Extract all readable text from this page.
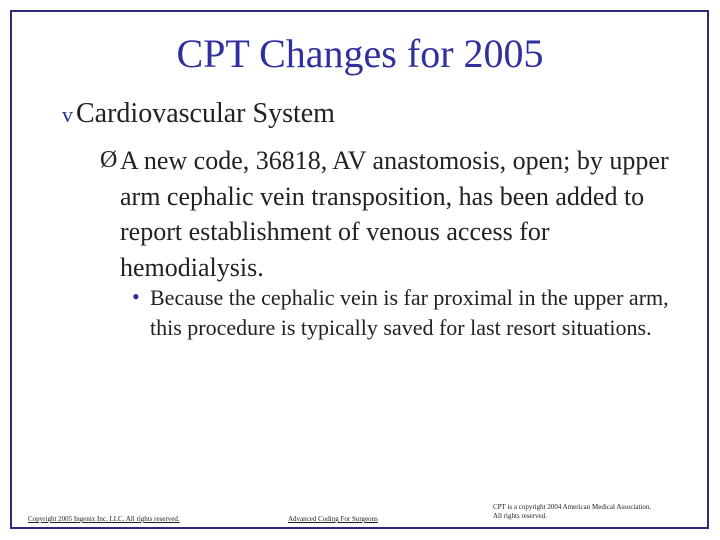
CPT Changes for 2005
v Cardiovascular System
Ø A new code, 36818, AV anastomosis, open; by upper arm cephalic vein transposition, has been added to report establishment of venous access for hemodialysis.
• Because the cephalic vein is far proximal in the upper arm, this procedure is typically saved for last resort situations.
Copyright 2005 Ingenix Inc. LLC. All rights reserved.	Advanced Coding For Surgeons
CPT is a copyright 2004 American Medical Association.
All rights reserved.
